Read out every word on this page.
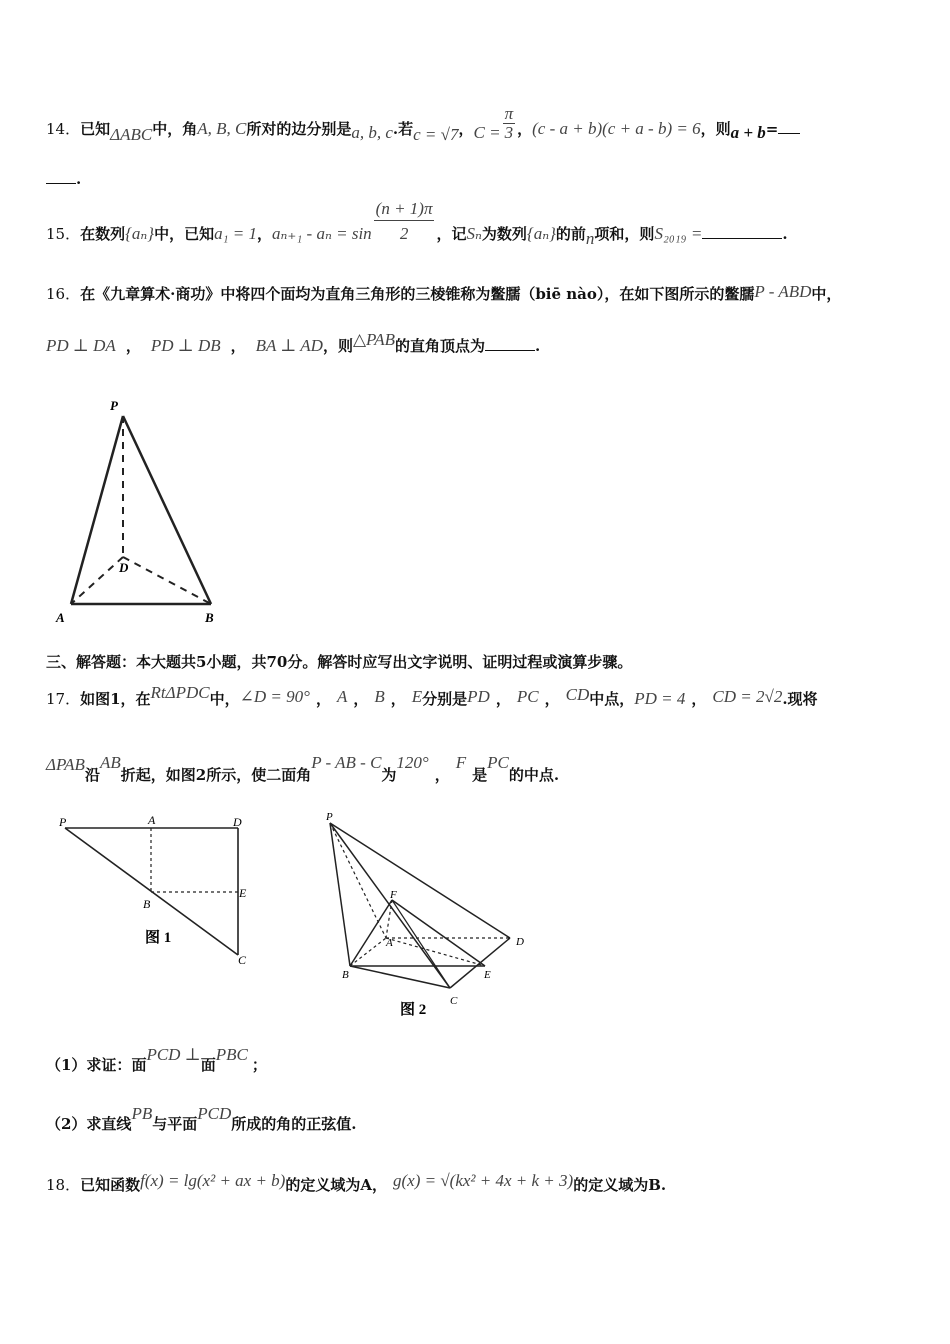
14．已知ΔABC中，角A, B, C所对的边分别是a, b, c.若c = √7，$C = \frac{\pi}{3}$ ，(c - a + b)(c + a - b) = 6，则a + b=
.
15．在数列{aₙ}中，已知a₁ = 1，$a_{n+1} - a_n = \sin \frac{(n + 1)\pi}{2}$ ，记Sₙ为数列{aₙ}的前n项和，则S₂₀₁₉ =	.
16．在《九章算术·商功》中将四个面均为直角三角形的三棱锥称为鳖臑（biē nào），在如下图所示的鳖臑P - ABD中，
PD ⊥ DA ， PD ⊥ DB ， BA ⊥ AD，则△PAB的直角顶点为	.
P
D
A	B
三、解答题：本大题共5小题，共70分。解答时应写出文字说明、证明过程或演算步骤。
17．如图1，在RtΔPDC中，∠D = 90° ， A ， B ， E分别是PD ， PC ， CD中点，PD = 4 ， CD = 2√2.现将
ΔPAB沿AB折起，如图2所示，使二面角P - AB - C为120°，F是PC的中点.
P	A	D
B
E
C
图 1
P
F
A	D
B	E
C
图 2
（1）求证：面PCD ⊥面PBC；
（2）求直线PB与平面PCD所成的角的正弦值.
18．已知函数f(x) = lg(x² + ax + b)的定义域为A， g(x) = √(kx² + 4x + k + 3)的定义域为B.
